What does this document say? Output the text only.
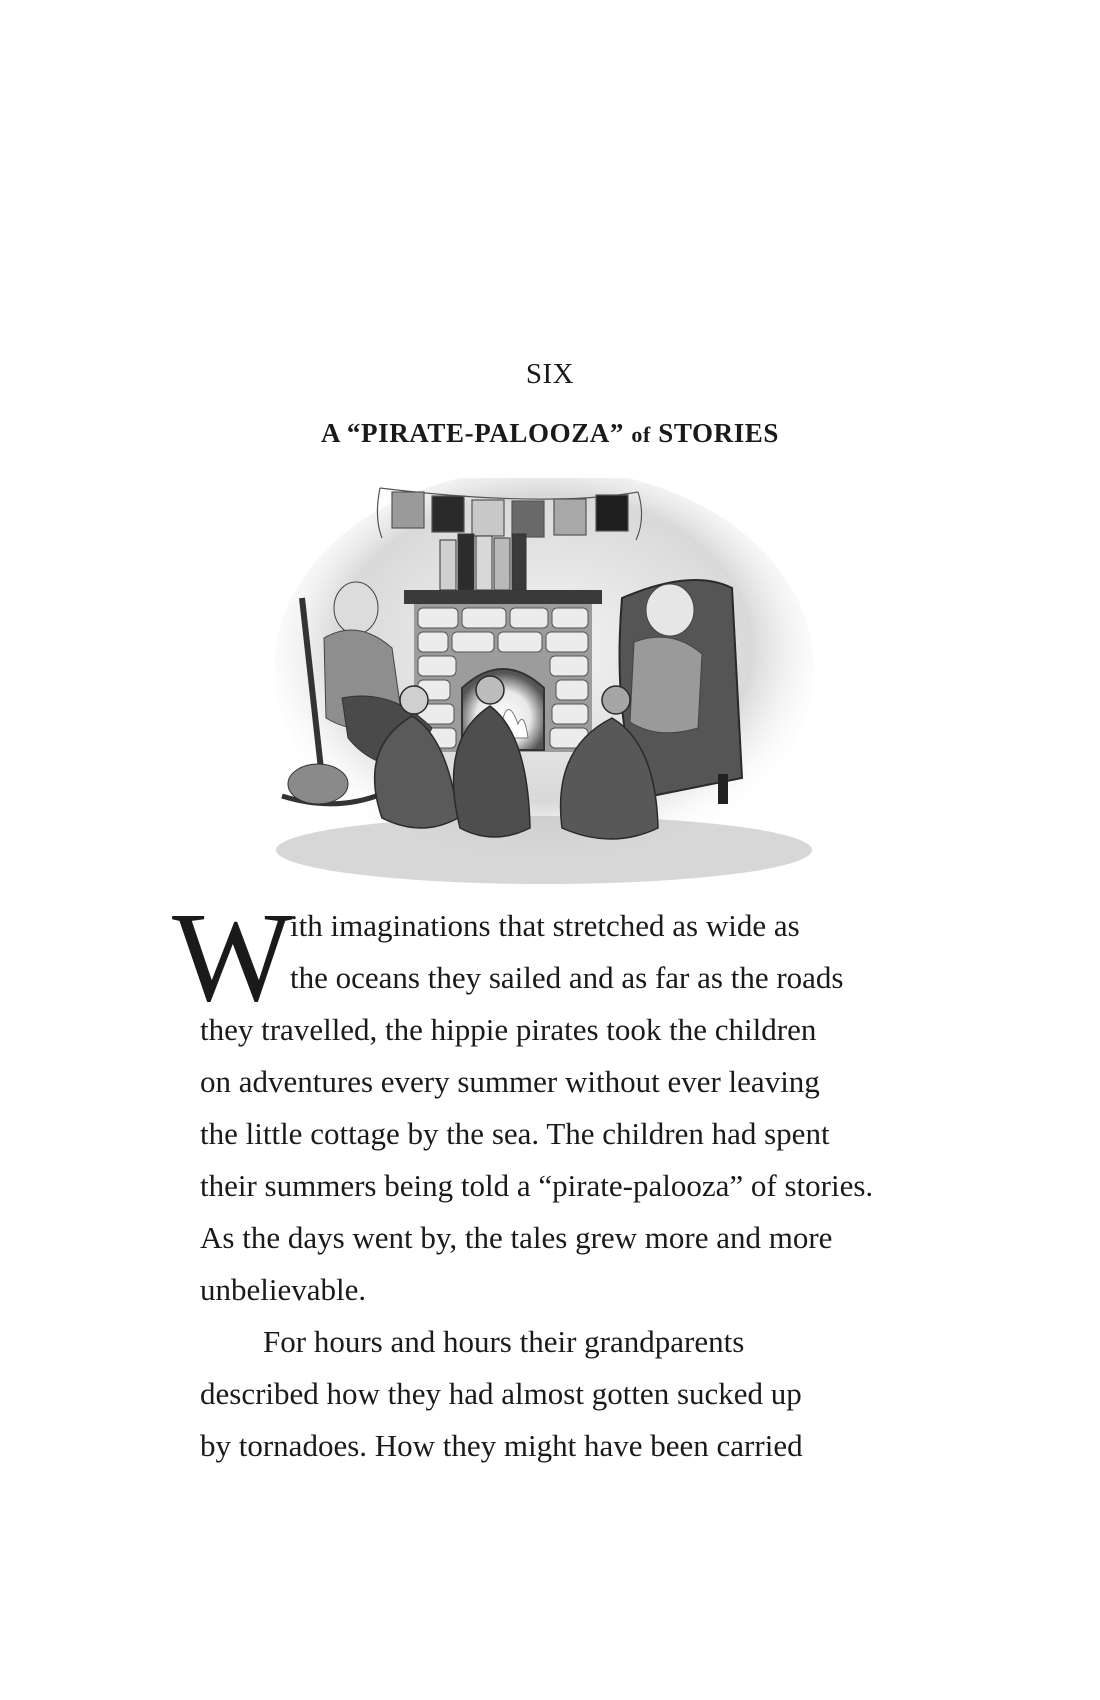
SIX
A “PIRATE-PALOOZA” of STORIES
W
ith imaginations that stretched as wide as
the oceans they sailed and as far as the roads
they travelled, the hippie pirates took the children
on adventures every summer without ever leaving
the little cottage by the sea. The children had spent
their summers being told a “pirate-palooza” of stories.
As the days went by, the tales grew more and more
unbelievable.
For hours and hours their grandparents
described how they had almost gotten sucked up
by tornadoes. How they might have been carried
